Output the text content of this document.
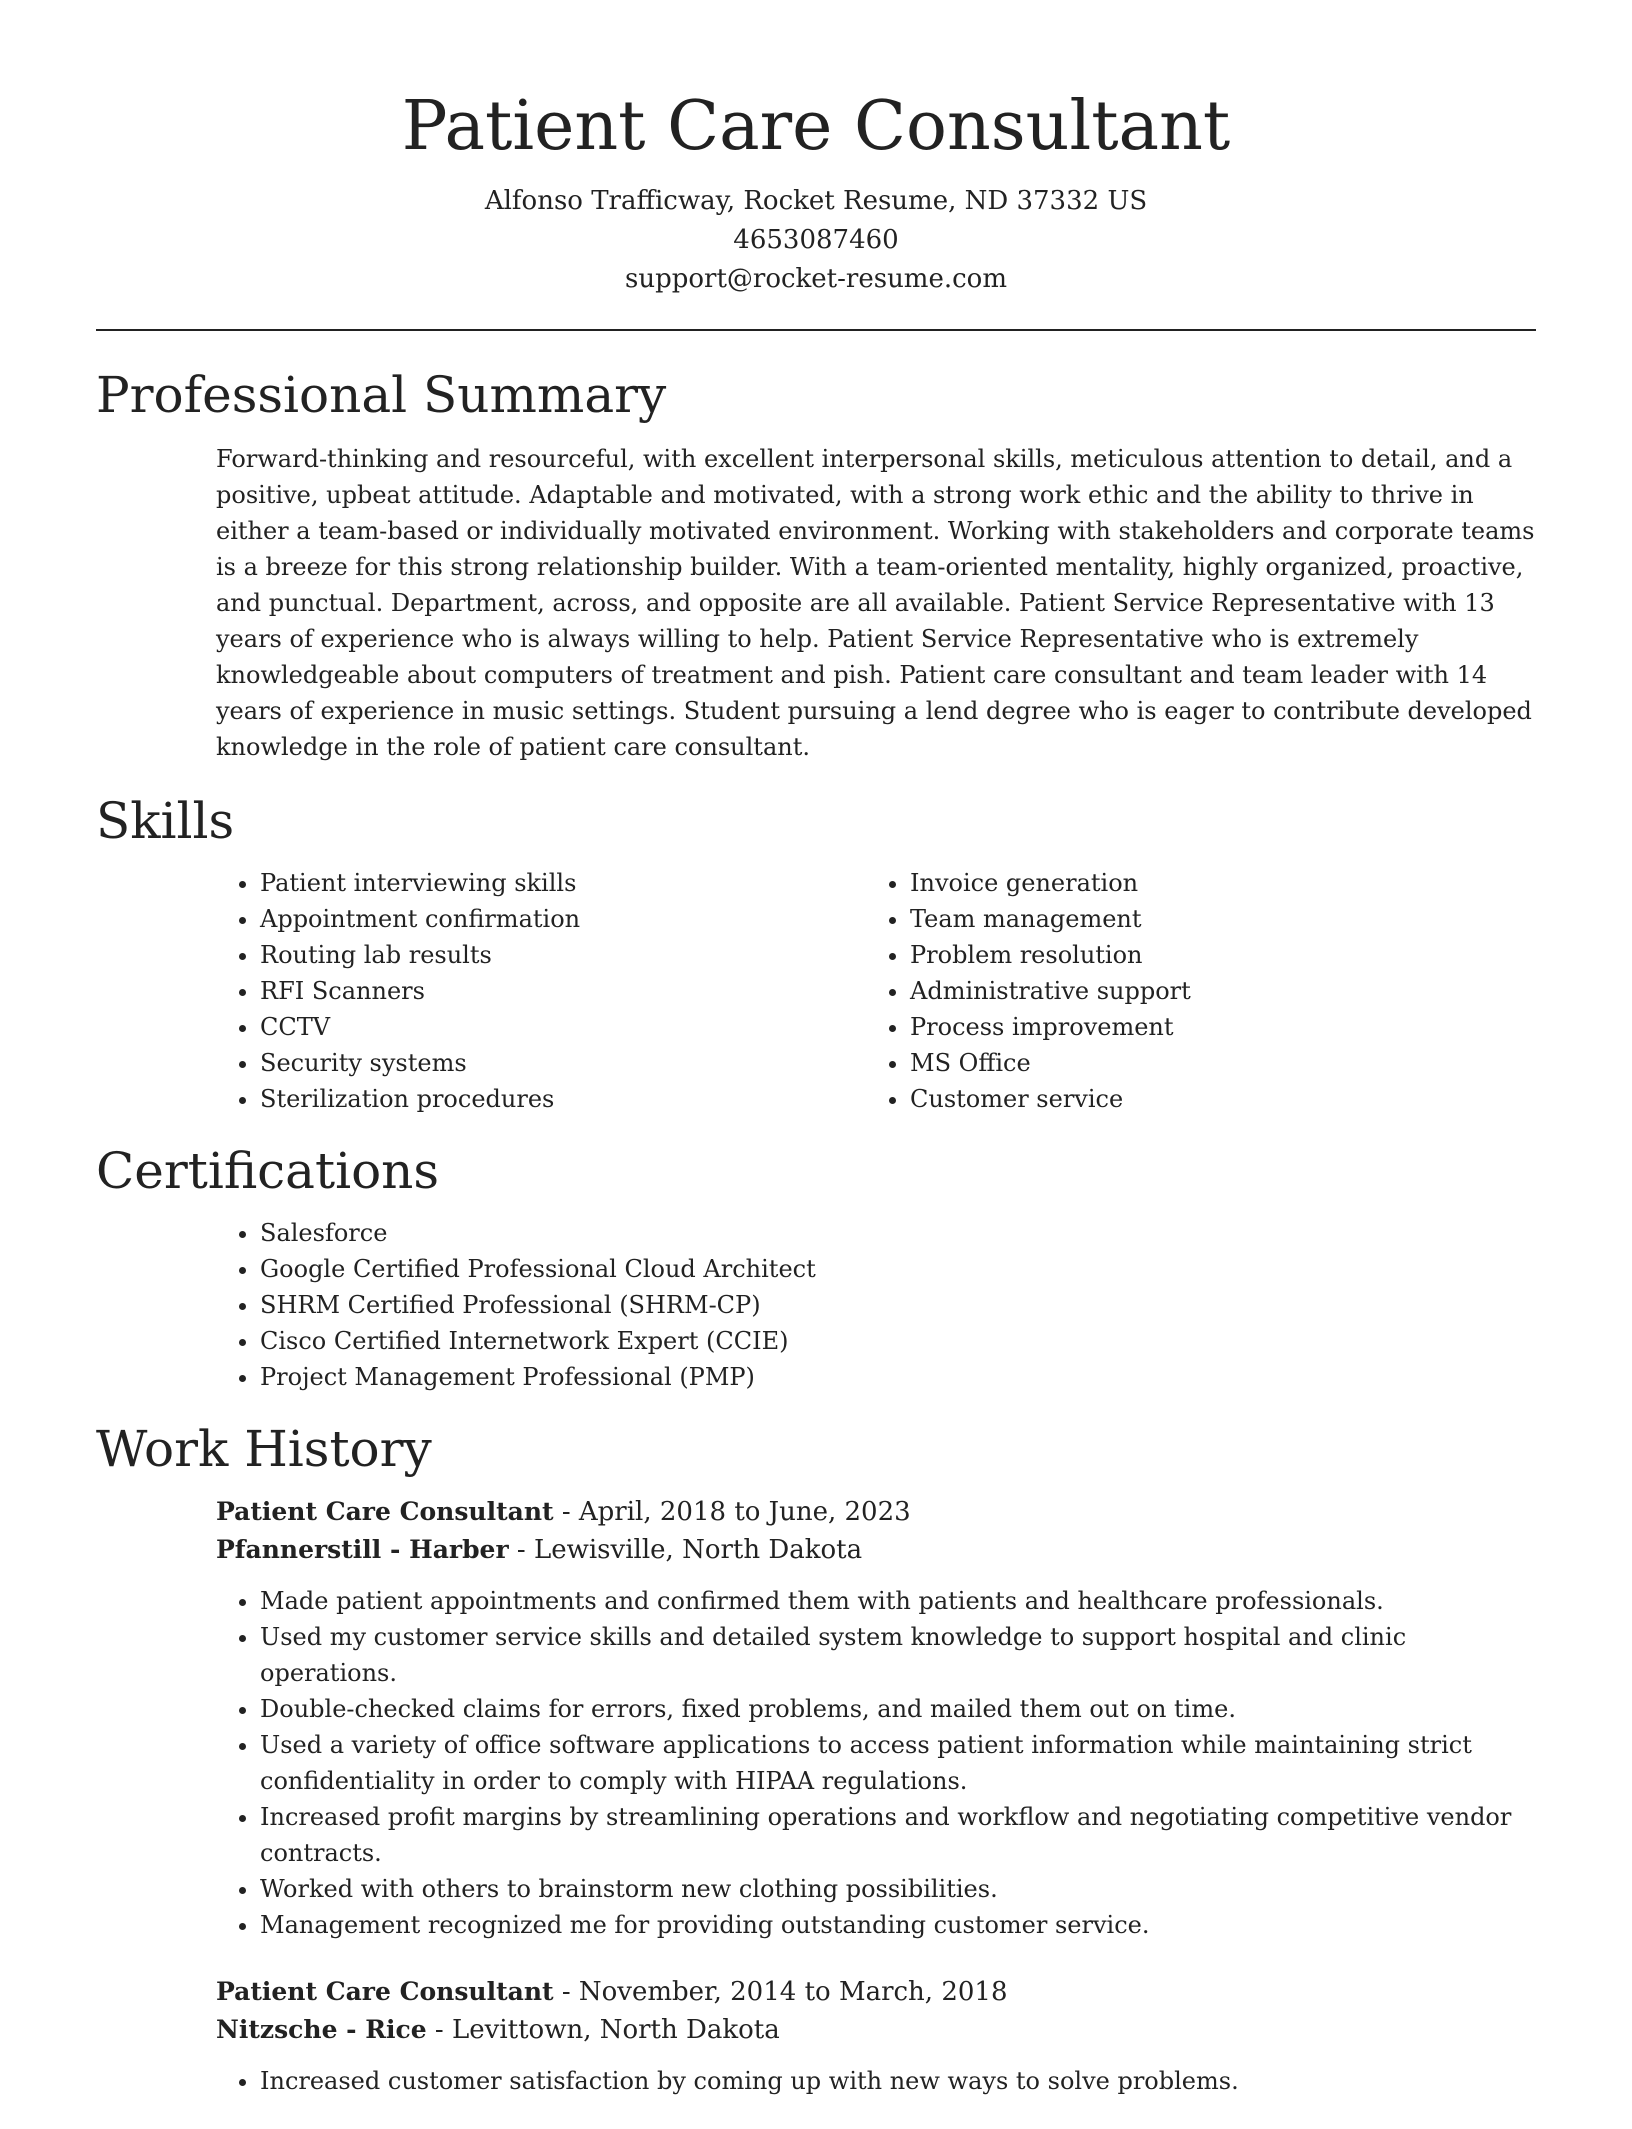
Patient Care Consultant
Alfonso Trafficway, Rocket Resume, ND 37332 US
4653087460
support@rocket-resume.com
Professional Summary

Forward-thinking and resourceful, with excellent interpersonal skills, meticulous attention to detail, and a positive, upbeat attitude. Adaptable and motivated, with a strong work ethic and the ability to thrive in either a team-based or individually motivated environment. Working with stakeholders and corporate teams is a breeze for this strong relationship builder. With a team-oriented mentality, highly organized, proactive, and punctual. Department, across, and opposite are all available. Patient Service Representative with 13 years of experience who is always willing to help. Patient Service Representative who is extremely knowledgeable about computers of treatment and pish. Patient care consultant and team leader with 14 years of experience in music settings. Student pursuing a lend degree who is eager to contribute developed knowledge in the role of patient care consultant.

Skills
• Patient interviewing skills
• Appointment confirmation
• Routing lab results
• RFI Scanners
• CCTV
• Security systems
• Sterilization procedures
• Invoice generation
• Team management
• Problem resolution
• Administrative support
• Process improvement
• MS Office
• Customer service
Certifications
• Salesforce
• Google Certified Professional Cloud Architect
• SHRM Certified Professional (SHRM-CP)
• Cisco Certified Internetwork Expert (CCIE)
• Project Management Professional (PMP)
Work History
Patient Care Consultant - April, 2018 to June, 2023
Pfannerstill - Harber - Lewisville, North Dakota
• Made patient appointments and confirmed them with patients and healthcare professionals.
• Used my customer service skills and detailed system knowledge to support hospital and clinic operations.
• Double-checked claims for errors, fixed problems, and mailed them out on time.
• Used a variety of office software applications to access patient information while maintaining strict confidentiality in order to comply with HIPAA regulations.
• Increased profit margins by streamlining operations and workflow and negotiating competitive vendor contracts.
• Worked with others to brainstorm new clothing possibilities.
• Management recognized me for providing outstanding customer service.
Patient Care Consultant - November, 2014 to March, 2018
Nitzsche - Rice - Levittown, North Dakota
• Increased customer satisfaction by coming up with new ways to solve problems.
